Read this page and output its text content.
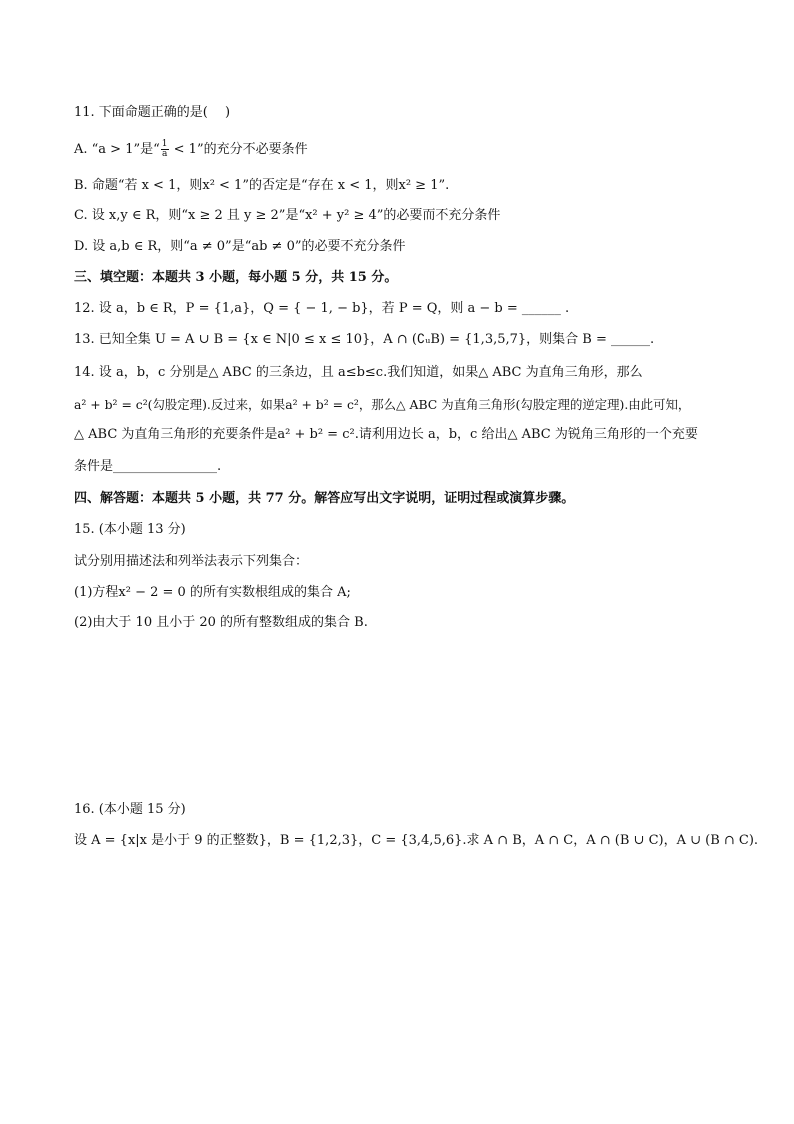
11. 下面命题正确的是(  )
A. “a > 1”是“ $\frac{1}{a} < 1$”的充分不必要条件
B. 命题“若 x < 1，则x² < 1”的否定是“存在 x < 1，则x² ≥ 1”.
C. 设 x,y ∈ R，则“x ≥ 2 且 y ≥ 2”是“x² + y² ≥ 4”的必要而不充分条件
D. 设 a,b ∈ R，则“a ≠ 0”是“ab ≠ 0”的必要不充分条件
三、填空题：本题共 3 小题，每小题 5 分，共 15 分。
12. 设 a，b ∈ R，P = {1,a}，Q = { − 1, − b}，若 P = Q，则 a − b = ______ .
13. 已知全集 U = A ∪ B = {x ∈ N|0 ≤ x ≤ 10}，A ∩ (∁ᵤB) = {1,3,5,7}，则集合 B = ______.
14. 设 a，b，c 分别是△ ABC 的三条边，且 a≤b≤c.我们知道，如果△ ABC 为直角三角形，那么
a² + b² = c²(勾股定理).反过来，如果a² + b² = c²，那么△ ABC 为直角三角形(勾股定理的逆定理).由此可知，
△ ABC 为直角三角形的充要条件是a² + b² = c².请利用边长 a，b，c 给出△ ABC 为锐角三角形的一个充要
条件是________________.
四、解答题：本题共 5 小题，共 77 分。解答应写出文字说明，证明过程或演算步骤。
15. (本小题 13 分)
试分别用描述法和列举法表示下列集合：
(1)方程x² − 2 = 0 的所有实数根组成的集合 A;
(2)由大于 10 且小于 20 的所有整数组成的集合 B.
16. (本小题 15 分)
设 A = {x|x 是小于 9 的正整数}，B = {1,2,3}，C = {3,4,5,6}.求 A ∩ B，A ∩ C，A ∩ (B ∪ C)，A ∪ (B ∩ C).
